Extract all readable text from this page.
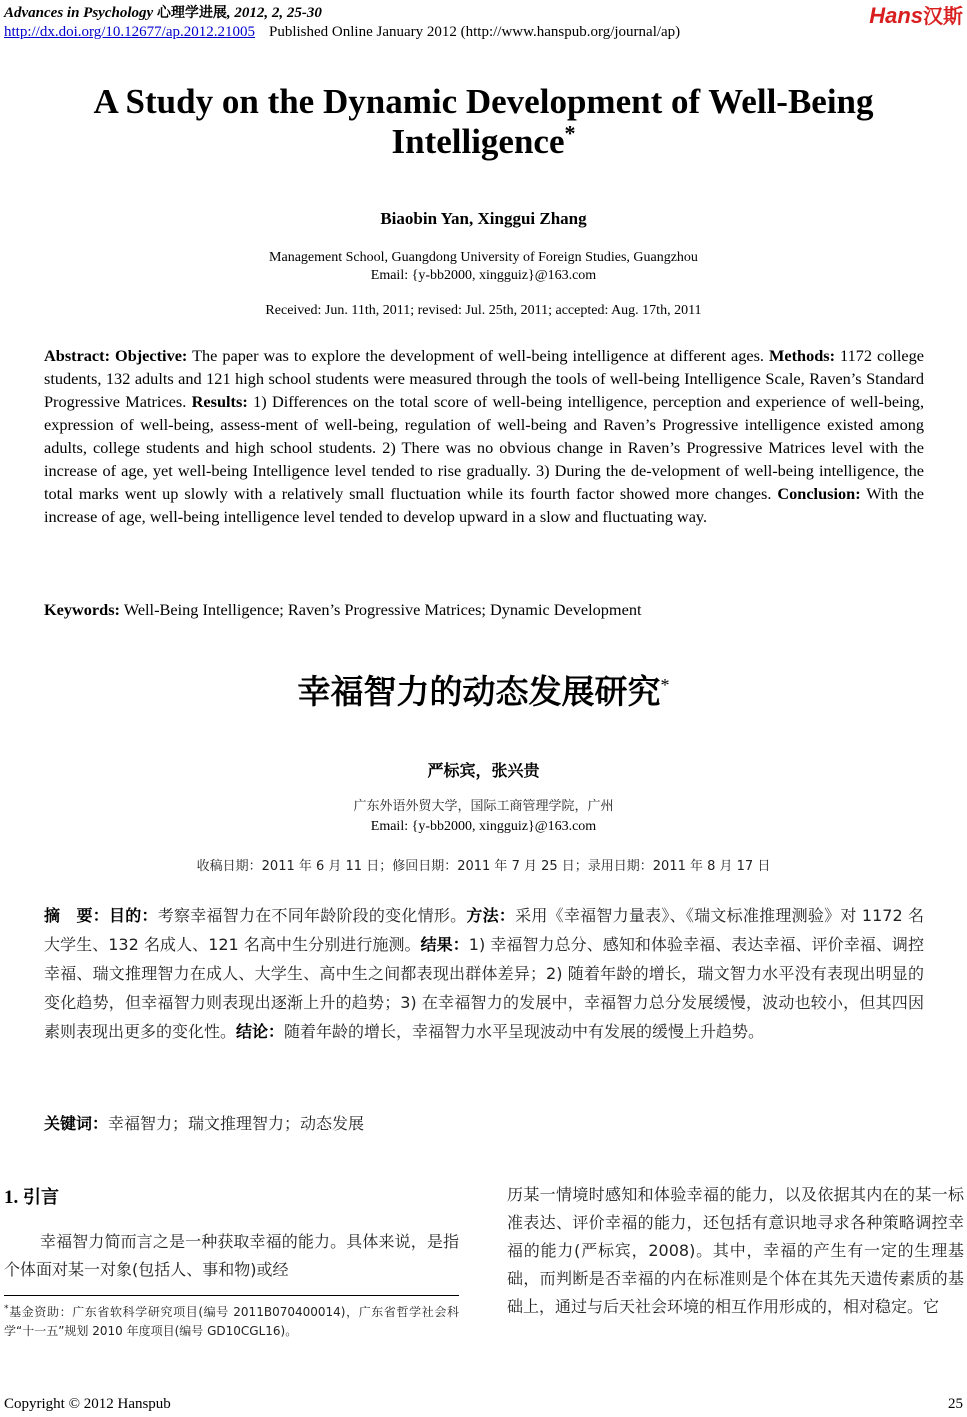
Advances in Psychology 心理学进展, 2012, 2, 25-30
http://dx.doi.org/10.12677/ap.2012.21005 Published Online January 2012 (http://www.hanspub.org/journal/ap)
Hans汉斯
A Study on the Dynamic Development of Well-Being
Intelligence*
Biaobin Yan, Xinggui Zhang
Management School, Guangdong University of Foreign Studies, Guangzhou
Email: {y-bb2000, xingguiz}@163.com
Received: Jun. 11th, 2011; revised: Jul. 25th, 2011; accepted: Aug. 17th, 2011
Abstract: Objective: The paper was to explore the development of well-being intelligence at different ages. Methods: 1172 college students, 132 adults and 121 high school students were measured through the tools of well-being Intelligence Scale, Raven’s Standard Progressive Matrices. Results: 1) Differences on the total score of well-being intelligence, perception and experience of well-being, expression of well-being, assess-ment of well-being, regulation of well-being and Raven’s Progressive intelligence existed among adults, college students and high school students. 2) There was no obvious change in Raven’s Progressive Matrices level with the increase of age, yet well-being Intelligence level tended to rise gradually. 3) During the de-velopment of well-being intelligence, the total marks went up slowly with a relatively small fluctuation while its fourth factor showed more changes. Conclusion: With the increase of age, well-being intelligence level tended to develop upward in a slow and fluctuating way.
Keywords: Well-Being Intelligence; Raven’s Progressive Matrices; Dynamic Development
幸福智力的动态发展研究*
严标宾，张兴贵
广东外语外贸大学，国际工商管理学院，广州
Email: {y-bb2000, xingguiz}@163.com
收稿日期：2011 年 6 月 11 日；修回日期：2011 年 7 月 25 日；录用日期：2011 年 8 月 17 日
摘　要：目的：考察幸福智力在不同年龄阶段的变化情形。方法：采用《幸福智力量表》、《瑞文标准推理测验》对 1172 名大学生、132 名成人、121 名高中生分别进行施测。结果：1) 幸福智力总分、感知和体验幸福、表达幸福、评价幸福、调控幸福、瑞文推理智力在成人、大学生、高中生之间都表现出群体差异；2) 随着年龄的增长，瑞文智力水平没有表现出明显的变化趋势，但幸福智力则表现出逐渐上升的趋势；3) 在幸福智力的发展中，幸福智力总分发展缓慢，波动也较小，但其四因素则表现出更多的变化性。结论：随着年龄的增长，幸福智力水平呈现波动中有发展的缓慢上升趋势。
关键词：幸福智力；瑞文推理智力；动态发展
1. 引言
幸福智力简而言之是一种获取幸福的能力。具体来说，是指个体面对某一对象(包括人、事和物)或经
*基金资助：广东省软科学研究项目(编号 2011B070400014)，广东省哲学社会科学“十一五”规划 2010 年度项目(编号 GD10CGL16)。
历某一情境时感知和体验幸福的能力，以及依据其内在的某一标准表达、评价幸福的能力，还包括有意识地寻求各种策略调控幸福的能力(严标宾，2008)。其中，幸福的产生有一定的生理基础，而判断是否幸福的内在标准则是个体在其先天遗传素质的基础上，通过与后天社会环境的相互作用形成的，相对稳定。它
Copyright © 2012 Hanspub	25
